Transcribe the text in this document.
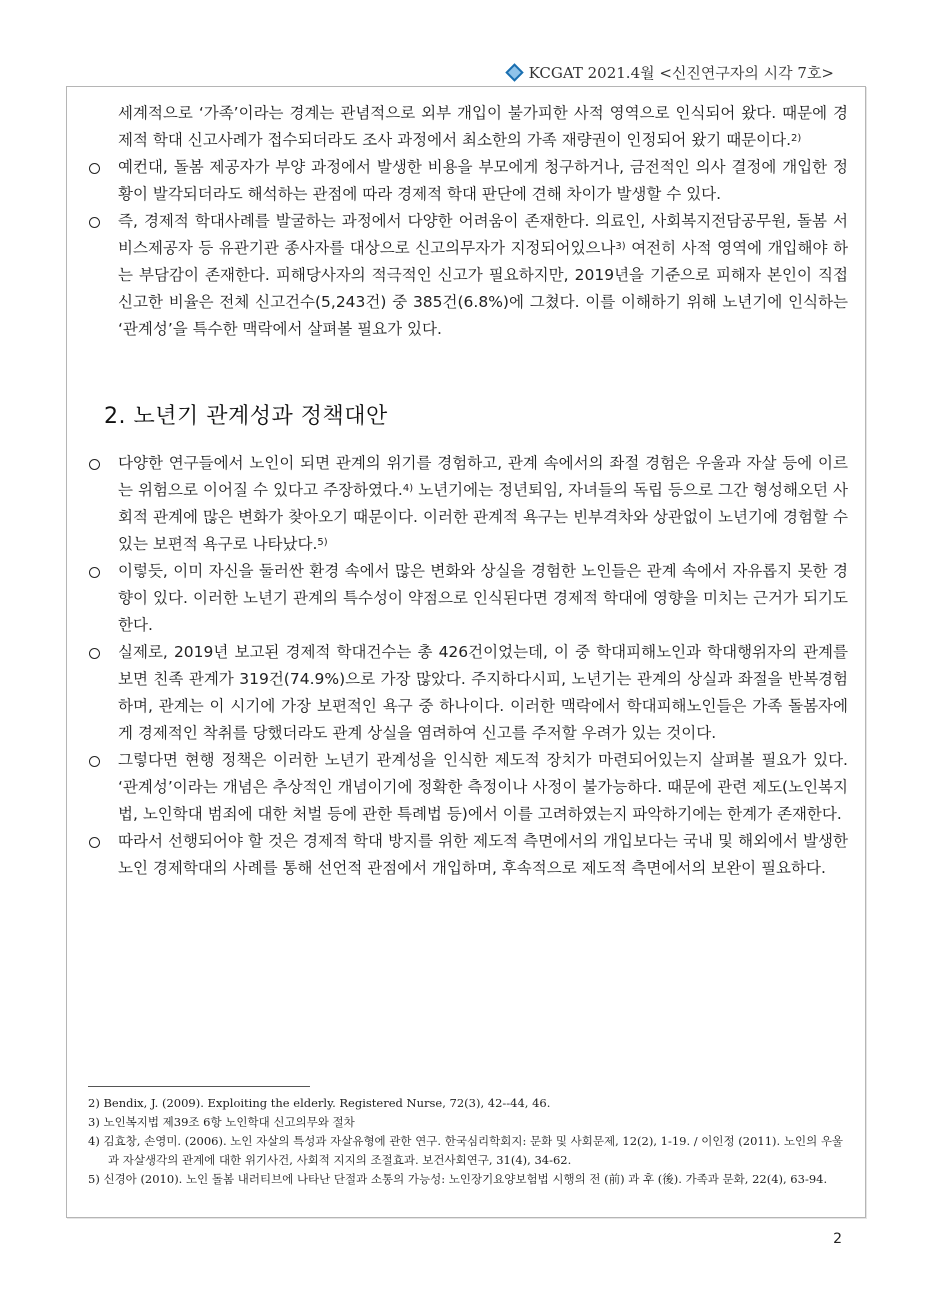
KCGAT 2021.4월 <신진연구자의 시각 7호>

세계적으로 ‘가족’이라는 경계는 관념적으로 외부 개입이 불가피한 사적 영역으로 인식되어 왔다. 때문에 경제적 학대 신고사례가 접수되더라도 조사 과정에서 최소한의 가족 재량권이 인정되어 왔기 때문이다.$^{2)}$

예컨대, 돌봄 제공자가 부양 과정에서 발생한 비용을 부모에게 청구하거나, 금전적인 의사 결정에 개입한 정황이 발각되더라도 해석하는 관점에 따라 경제적 학대 판단에 견해 차이가 발생할 수 있다.

즉, 경제적 학대사례를 발굴하는 과정에서 다양한 어려움이 존재한다. 의료인, 사회복지전담공무원, 돌봄 서비스제공자 등 유관기관 종사자를 대상으로 신고의무자가 지정되어있으나$^{3)}$ 여전히 사적 영역에 개입해야 하는 부담감이 존재한다. 피해당사자의 적극적인 신고가 필요하지만, 2019년을 기준으로 피해자 본인이 직접 신고한 비율은 전체 신고건수(5,243건) 중 385건(6.8%)에 그쳤다. 이를 이해하기 위해 노년기에 인식하는 ‘관계성’을 특수한 맥락에서 살펴볼 필요가 있다.

2. 노년기 관계성과 정책대안

다양한 연구들에서 노인이 되면 관계의 위기를 경험하고, 관계 속에서의 좌절 경험은 우울과 자살 등에 이르는 위험으로 이어질 수 있다고 주장하였다.$^{4)}$ 노년기에는 정년퇴임, 자녀들의 독립 등으로 그간 형성해오던 사회적 관계에 많은 변화가 찾아오기 때문이다. 이러한 관계적 욕구는 빈부격차와 상관없이 노년기에 경험할 수 있는 보편적 욕구로 나타났다.$^{5)}$

이렇듯, 이미 자신을 둘러싼 환경 속에서 많은 변화와 상실을 경험한 노인들은 관계 속에서 자유롭지 못한 경향이 있다. 이러한 노년기 관계의 특수성이 약점으로 인식된다면 경제적 학대에 영향을 미치는 근거가 되기도 한다.

실제로, 2019년 보고된 경제적 학대건수는 총 426건이었는데, 이 중 학대피해노인과 학대행위자의 관계를 보면 친족 관계가 319건(74.9%)으로 가장 많았다. 주지하다시피, 노년기는 관계의 상실과 좌절을 반복경험하며, 관계는 이 시기에 가장 보편적인 욕구 중 하나이다. 이러한 맥락에서 학대피해노인들은 가족 돌봄자에게 경제적인 착취를 당했더라도 관계 상실을 염려하여 신고를 주저할 우려가 있는 것이다.

그렇다면 현행 정책은 이러한 노년기 관계성을 인식한 제도적 장치가 마련되어있는지 살펴볼 필요가 있다. ‘관계성’이라는 개념은 추상적인 개념이기에 정확한 측정이나 사정이 불가능하다. 때문에 관련 제도(노인복지법, 노인학대 범죄에 대한 처벌 등에 관한 특례법 등)에서 이를 고려하였는지 파악하기에는 한계가 존재한다.

따라서 선행되어야 할 것은 경제적 학대 방지를 위한 제도적 측면에서의 개입보다는 국내 및 해외에서 발생한 노인 경제학대의 사례를 통해 선언적 관점에서 개입하며, 후속적으로 제도적 측면에서의 보완이 필요하다.

2) Bendix, J. (2009). Exploiting the elderly. Registered Nurse, 72(3), 42--44, 46.
3) 노인복지법 제39조 6항 노인학대 신고의무와 절차
4) 김효창, 손영미. (2006). 노인 자살의 특성과 자살유형에 관한 연구. 한국심리학회지: 문화 및 사회문제, 12(2), 1-19. / 이인정 (2011). 노인의 우울과 자살생각의 관계에 대한 위기사건, 사회적 지지의 조절효과. 보건사회연구, 31(4), 34-62.
5) 신경아 (2010). 노인 돌봄 내러티브에 나타난 단절과 소통의 가능성: 노인장기요양보험법 시행의 전 (前) 과 후 (後). 가족과 문화, 22(4), 63-94.
2
